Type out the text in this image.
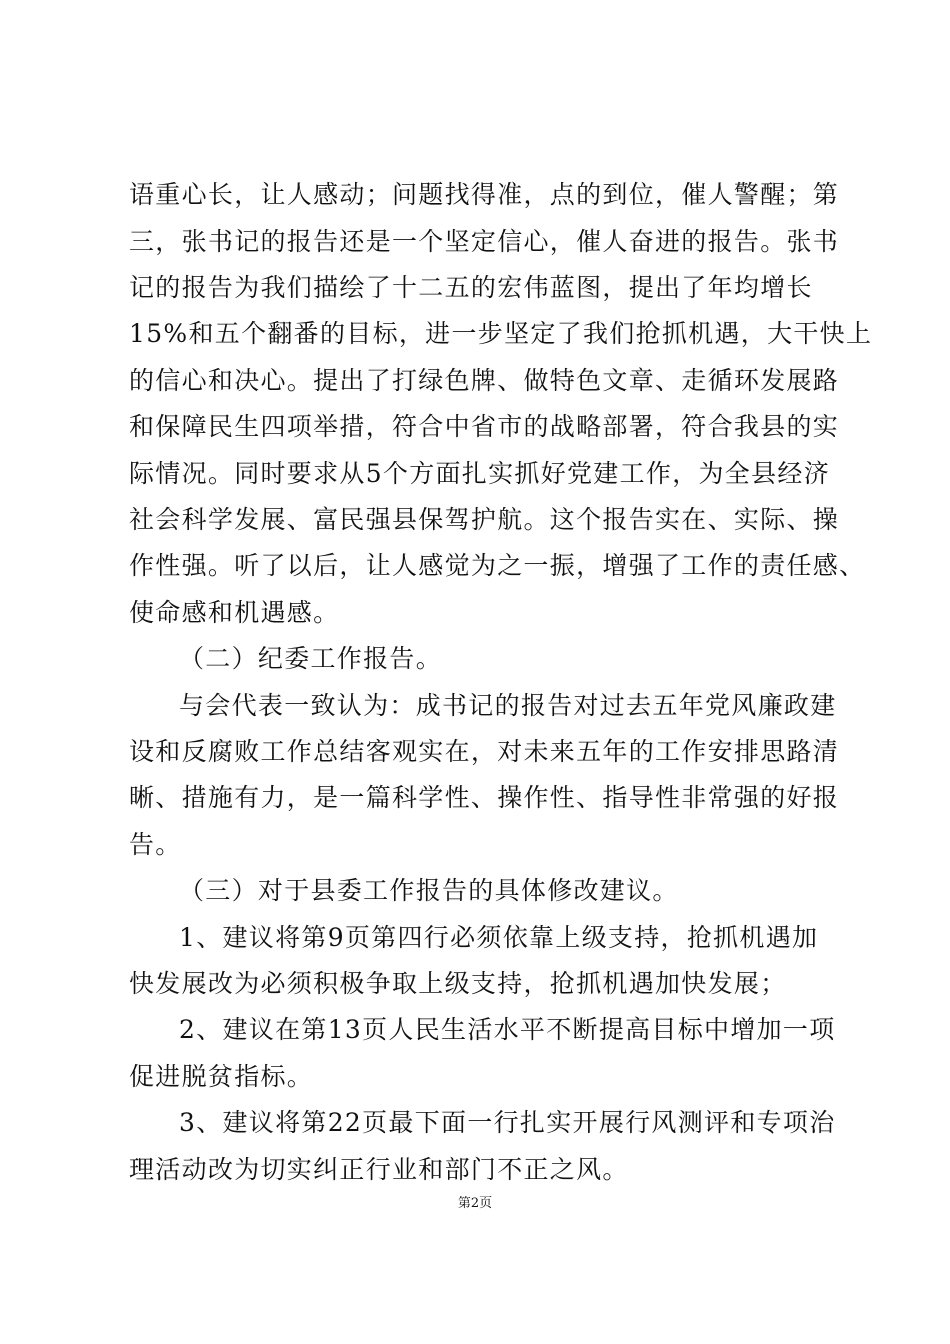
语重心长，让人感动；问题找得准，点的到位，催人警醒；第
三，张书记的报告还是一个坚定信心，催人奋进的报告。张书
记的报告为我们描绘了十二五的宏伟蓝图，提出了年均增长
15%和五个翻番的目标，进一步坚定了我们抢抓机遇，大干快上
的信心和决心。提出了打绿色牌、做特色文章、走循环发展路
和保障民生四项举措，符合中省市的战略部署，符合我县的实
际情况。同时要求从5个方面扎实抓好党建工作，为全县经济
社会科学发展、富民强县保驾护航。这个报告实在、实际、操
作性强。听了以后，让人感觉为之一振，增强了工作的责任感、
使命感和机遇感。
（二）纪委工作报告。
与会代表一致认为：成书记的报告对过去五年党风廉政建
设和反腐败工作总结客观实在，对未来五年的工作安排思路清
晰、措施有力，是一篇科学性、操作性、指导性非常强的好报
告。
（三）对于县委工作报告的具体修改建议。
1、建议将第9页第四行必须依靠上级支持，抢抓机遇加
快发展改为必须积极争取上级支持，抢抓机遇加快发展；
2、建议在第13页人民生活水平不断提高目标中增加一项
促进脱贫指标。
3、建议将第22页最下面一行扎实开展行风测评和专项治
理活动改为切实纠正行业和部门不正之风。
第2页
